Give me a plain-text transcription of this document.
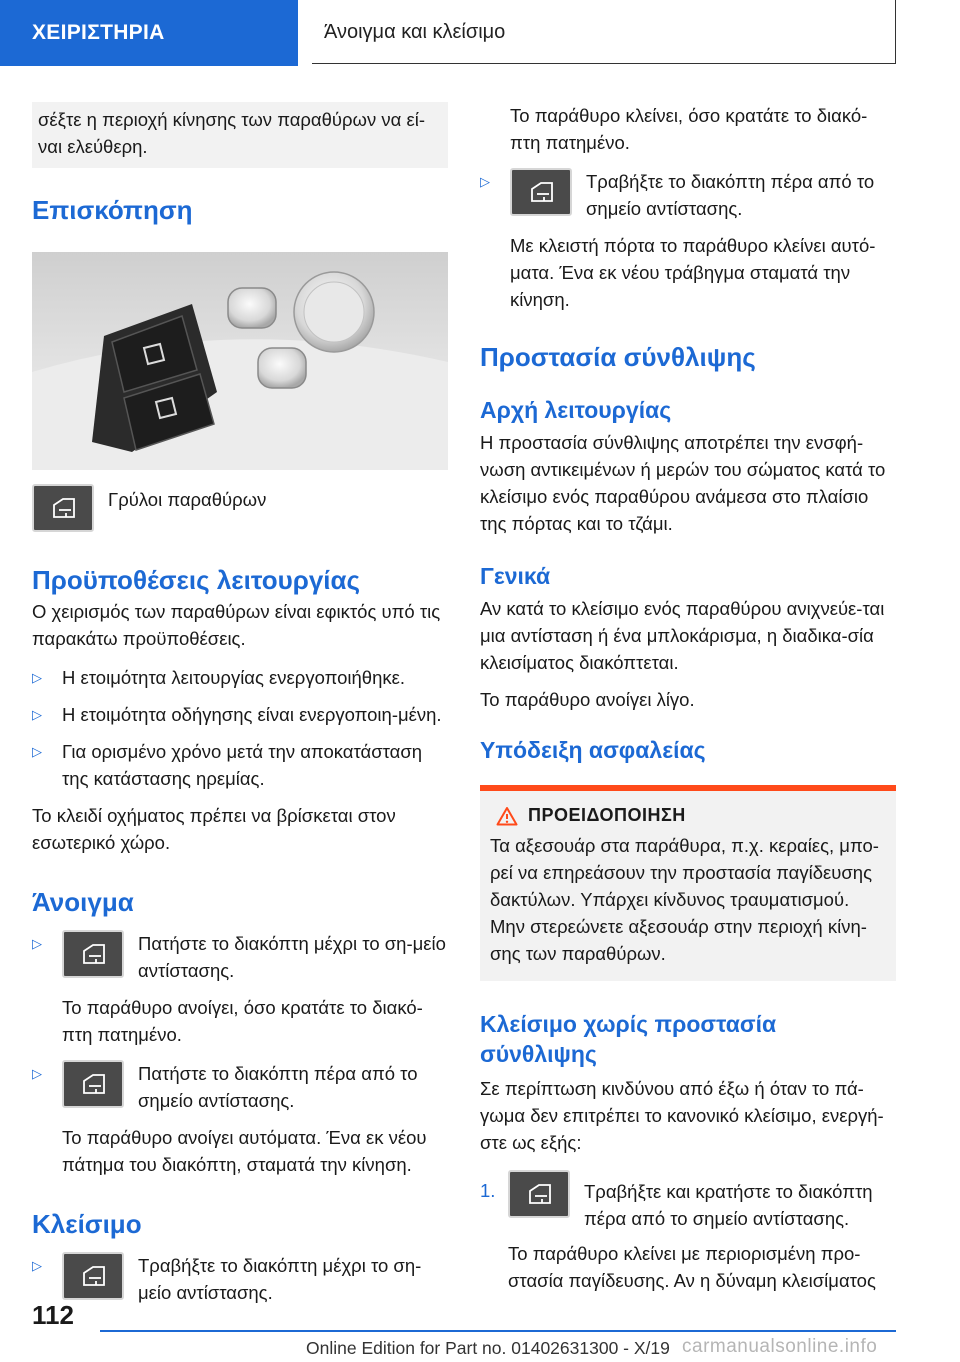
ΧΕΙΡΙΣΤΗΡΙΑ	Άνοιγμα και κλείσιμο
σέξτε η περιοχή κίνησης των παραθύρων να εί-ναι ελεύθερη.
Επισκόπηση

Γρύλοι παραθύρων

Προϋποθέσεις λειτουργίας

Ο χειρισμός των παραθύρων είναι εφικτός υπό τις παρακάτω προϋποθέσεις.

▷ Η ετοιμότητα λειτουργίας ενεργοποιήθηκε.

▷ Η ετοιμότητα οδήγησης είναι ενεργοποιη-μένη.

▷ Για ορισμένο χρόνο μετά την αποκατάσταση της κατάστασης ηρεμίας.

Το κλειδί οχήματος πρέπει να βρίσκεται στον εσωτερικό χώρο.

Άνοιγμα
▷	Πατήστε το διακόπτη μέχρι το ση-μείο αντίστασης.

Το παράθυρο ανοίγει, όσο κρατάτε το διακό-πτη πατημένο.

▷	Πατήστε το διακόπτη πέρα από το σημείο αντίστασης.

Το παράθυρο ανοίγει αυτόματα. Ένα εκ νέου πάτημα του διακόπτη, σταματά την κίνηση.

Κλείσιμο
▷	Τραβήξτε το διακόπτη μέχρι το ση-μείο αντίστασης.

Το παράθυρο κλείνει, όσο κρατάτε το διακό-πτη πατημένο.

▷	Τραβήξτε το διακόπτη πέρα από το σημείο αντίστασης.

Με κλειστή πόρτα το παράθυρο κλείνει αυτό-ματα. Ένα εκ νέου τράβηγμα σταματά την κίνηση.

Προστασία σύνθλιψης
Αρχή λειτουργίας

Η προστασία σύνθλιψης αποτρέπει την ενσφή-νωση αντικειμένων ή μερών του σώματος κατά το κλείσιμο ενός παραθύρου ανάμεσα στο πλαίσιο της πόρτας και το τζάμι.

Γενικά

Αν κατά το κλείσιμο ενός παραθύρου ανιχνεύε-ται μια αντίσταση ή ένα μπλοκάρισμα, η διαδικα-σία κλεισίματος διακόπτεται.

Το παράθυρο ανοίγει λίγο.

Υπόδειξη ασφαλείας
ΠΡΟΕΙΔΟΠΟΙΗΣΗ

Τα αξεσουάρ στα παράθυρα, π.χ. κεραίες, μπο-ρεί να επηρεάσουν την προστασία παγίδευσης δακτύλων. Υπάρχει κίνδυνος τραυματισμού. Μην στερεώνετε αξεσουάρ στην περιοχή κίνη-σης των παραθύρων.

Κλείσιμο χωρίς προστασία σύνθλιψης

Σε περίπτωση κινδύνου από έξω ή όταν το πά-γωμα δεν επιτρέπει το κανονικό κλείσιμο, ενεργή-στε ως εξής:

1.	Τραβήξτε και κρατήστε το διακόπτη πέρα από το σημείο αντίστασης.

Το παράθυρο κλείνει με περιορισμένη προ-στασία παγίδευσης. Αν η δύναμη κλεισίματος

112
Online Edition for Part no. 01402631300 - X/19 carmanualsonline.info
